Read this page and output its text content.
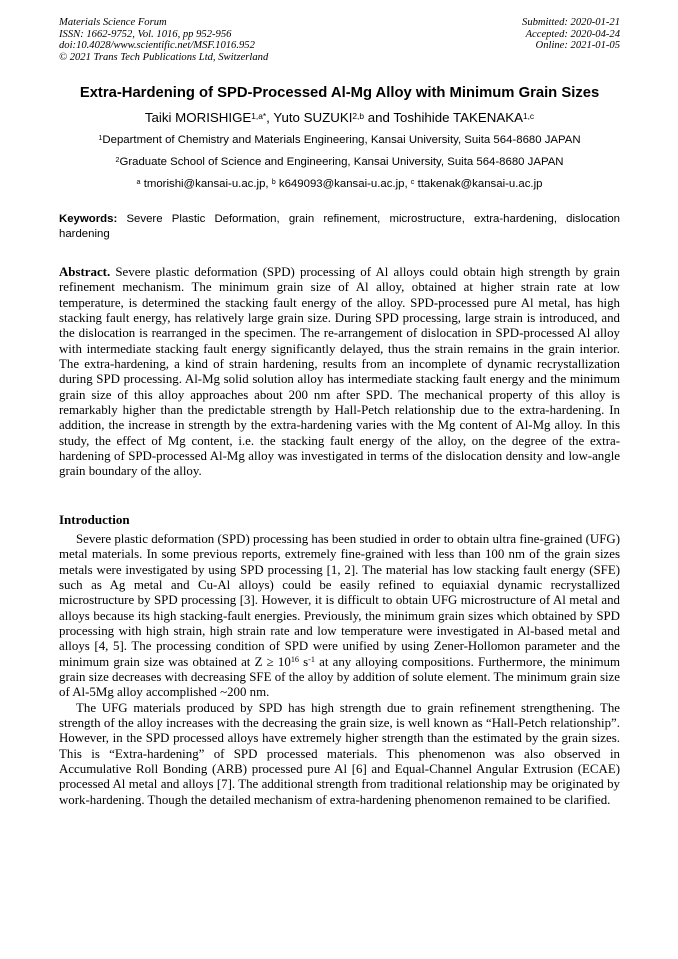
Materials Science Forum
ISSN: 1662-9752, Vol. 1016, pp 952-956
doi:10.4028/www.scientific.net/MSF.1016.952
© 2021 Trans Tech Publications Ltd, Switzerland
Submitted: 2020-01-21
Accepted: 2020-04-24
Online: 2021-01-05
Extra-Hardening of SPD-Processed Al-Mg Alloy with Minimum Grain Sizes

Taiki $MORISHIGE^{1,a*}$, Yuto SUZUKI$^{2,b}$ and Toshihide TAKENAKA$^{1,c}$

$^1$Department of Chemistry and Materials Engineering, Kansai University, Suita 564-8680 JAPAN

$^2$Graduate School of Science and Engineering, Kansai University, Suita 564-8680 JAPAN

$^a$ tmorishi@kansai-u.ac.jp, $^b$ k649093@kansai-u.ac.jp, $^c$ ttakenak@kansai-u.ac.jp

Keywords: Severe Plastic Deformation, grain refinement, microstructure, extra-hardening, dislocation hardening

Abstract. Severe plastic deformation (SPD) processing of Al alloys could obtain high strength by grain refinement mechanism. The minimum grain size of Al alloy, obtained at higher strain rate at low temperature, is determined the stacking fault energy of the alloy. SPD-processed pure Al metal, has high stacking fault energy, has relatively large grain size. During SPD processing, large strain is introduced, and the dislocation is rearranged in the specimen. The re-arrangement of dislocation in SPD-processed Al alloy with intermediate stacking fault energy significantly delayed, thus the strain remains in the grain interior. The extra-hardening, a kind of strain hardening, results from an incomplete of dynamic recrystallization during SPD processing. Al-Mg solid solution alloy has intermediate stacking fault energy and the minimum grain size of this alloy approaches about 200 nm after SPD. The mechanical property of this alloy is remarkably higher than the predictable strength by Hall-Petch relationship due to the extra-hardening. In addition, the increase in strength by the extra-hardening varies with the Mg content of Al-Mg alloy. In this study, the effect of Mg content, i.e. the stacking fault energy of the alloy, on the degree of the extra-hardening of SPD-processed Al-Mg alloy was investigated in terms of the dislocation density and low-angle grain boundary of the alloy.

Introduction

Severe plastic deformation (SPD) processing has been studied in order to obtain ultra fine-grained (UFG) metal materials. In some previous reports, extremely fine-grained with less than 100 nm of the grain sizes metals were investigated by using SPD processing [1, 2]. The material has low stacking fault energy (SFE) such as Ag metal and Cu-Al alloys) could be easily refined to equiaxial dynamic recrystallized microstructure by SPD processing [3]. However, it is difficult to obtain UFG microstructure of Al metal and alloys because its high stacking-fault energies. Previously, the minimum grain sizes which obtained by SPD processing with high strain, high strain rate and low temperature were investigated in Al-based metal and alloys [4, 5]. The processing condition of SPD were unified by using Zener-Hollomon parameter and the minimum grain size was obtained at $Z \ge 10^{16}$ $s^{-1}$ at any alloying compositions. Furthermore, the minimum grain size decreases with decreasing SFE of the alloy by addition of solute element. The minimum grain size of Al-5Mg alloy accomplished ~200 nm.

The UFG materials produced by SPD has high strength due to grain refinement strengthening. The strength of the alloy increases with the decreasing the grain size, is well known as “Hall-Petch relationship”. However, in the SPD processed alloys have extremely higher strength than the estimated by the grain sizes. This is “Extra-hardening” of SPD processed materials. This phenomenon was also observed in Accumulative Roll Bonding (ARB) processed pure Al [6] and Equal-Channel Angular Extrusion (ECAE) processed Al metal and alloys [7]. The additional strength from traditional relationship may be originated by work-hardening. Though the detailed mechanism of extra-hardening phenomenon remained to be clarified.
